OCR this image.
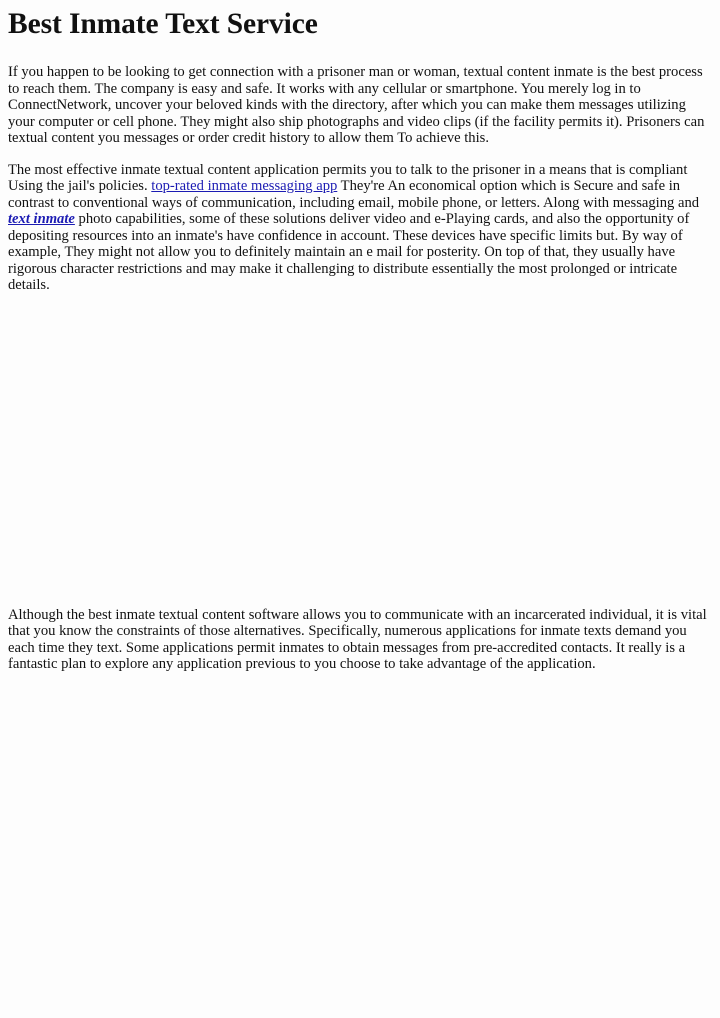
Best Inmate Text Service

If you happen to be looking to get connection with a prisoner man or woman, textual content inmate is the best process to reach them. The company is easy and safe. It works with any cellular or smartphone. You merely log in to ConnectNetwork, uncover your beloved kinds with the directory, after which you can make them messages utilizing your computer or cell phone. They might also ship photographs and video clips (if the facility permits it). Prisoners can textual content you messages or order credit history to allow them To achieve this.

The most effective inmate textual content application permits you to talk to the prisoner in a means that is compliant Using the jail's policies. top-rated inmate messaging app They're An economical option which is Secure and safe in contrast to conventional ways of communication, including email, mobile phone, or letters. Along with messaging and text inmate photo capabilities, some of these solutions deliver video and e-Playing cards, and also the opportunity of depositing resources into an inmate's have confidence in account. These devices have specific limits but. By way of example, They might not allow you to definitely maintain an e mail for posterity. On top of that, they usually have rigorous character restrictions and may make it challenging to distribute essentially the most prolonged or intricate details.

Although the best inmate textual content software allows you to communicate with an incarcerated individual, it is vital that you know the constraints of those alternatives. Specifically, numerous applications for inmate texts demand you each time they text. Some applications permit inmates to obtain messages from pre-accredited contacts. It really is a fantastic plan to explore any application previous to you choose to take advantage of the application.
